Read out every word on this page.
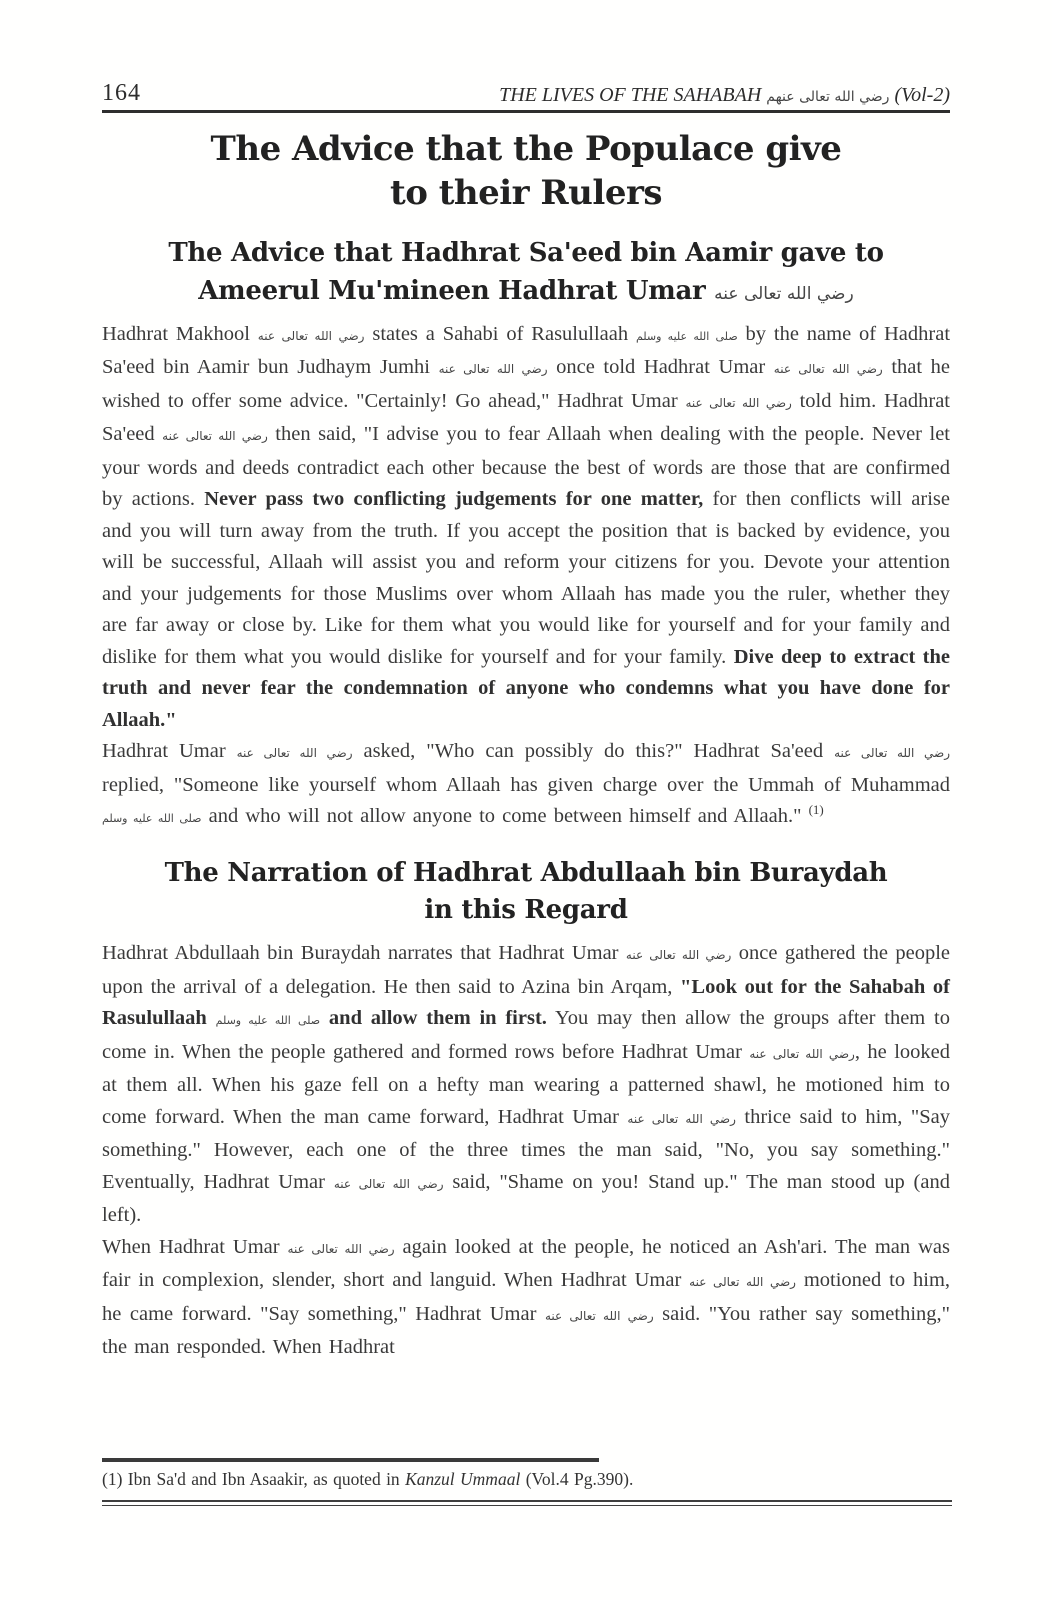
164	THE LIVES OF THE SAHABAH رضي الله تعالى عنهم (Vol-2)
The Advice that the Populace give
to their Rulers
The Advice that Hadhrat Sa'eed bin Aamir gave to
Ameerul Mu'mineen Hadhrat Umar رضي الله تعالى عنه

Hadhrat Makhool رضي الله تعالى عنه states a Sahabi of Rasulullaah صلى الله عليه وسلم by the name of Hadhrat Sa'eed bin Aamir bun Judhaym Jumhi رضي الله تعالى عنه once told Hadhrat Umar رضي الله تعالى عنه that he wished to offer some advice. "Certainly! Go ahead," Hadhrat Umar رضي الله تعالى عنه told him. Hadhrat Sa'eed رضي الله تعالى عنه then said, "I advise you to fear Allaah when dealing with the people. Never let your words and deeds contradict each other because the best of words are those that are confirmed by actions. Never pass two conflicting judgements for one matter, for then conflicts will arise and you will turn away from the truth. If you accept the position that is backed by evidence, you will be successful, Allaah will assist you and reform your citizens for you. Devote your attention and your judgements for those Muslims over whom Allaah has made you the ruler, whether they are far away or close by. Like for them what you would like for yourself and for your family and dislike for them what you would dislike for yourself and for your family. Dive deep to extract the truth and never fear the condemnation of anyone who condemns what you have done for Allaah."

Hadhrat Umar رضي الله تعالى عنه asked, "Who can possibly do this?" Hadhrat Sa'eed رضي الله تعالى عنه replied, "Someone like yourself whom Allaah has given charge over the Ummah of Muhammad صلى الله عليه وسلم and who will not allow anyone to come between himself and Allaah." $^{(1)}$

The Narration of Hadhrat Abdullaah bin Buraydah
in this Regard

Hadhrat Abdullaah bin Buraydah narrates that Hadhrat Umar رضي الله تعالى عنه once gathered the people upon the arrival of a delegation. He then said to Azina bin Arqam, "Look out for the Sahabah of Rasulullaah صلى الله عليه وسلم and allow them in first. You may then allow the groups after them to come in. When the people gathered and formed rows before Hadhrat Umar رضي الله تعالى عنه, he looked at them all. When his gaze fell on a hefty man wearing a patterned shawl, he motioned him to come forward. When the man came forward, Hadhrat Umar رضي الله تعالى عنه thrice said to him, "Say something." However, each one of the three times the man said, "No, you say something." Eventually, Hadhrat Umar رضي الله تعالى عنه said, "Shame on you! Stand up." The man stood up (and left).

When Hadhrat Umar رضي الله تعالى عنه again looked at the people, he noticed an Ash'ari. The man was fair in complexion, slender, short and languid. When Hadhrat Umar رضي الله تعالى عنه motioned to him, he came forward. "Say something," Hadhrat Umar رضي الله تعالى عنه said. "You rather say something," the man responded. When Hadhrat

(1) Ibn Sa'd and Ibn Asaakir, as quoted in Kanzul Ummaal (Vol.4 Pg.390).
